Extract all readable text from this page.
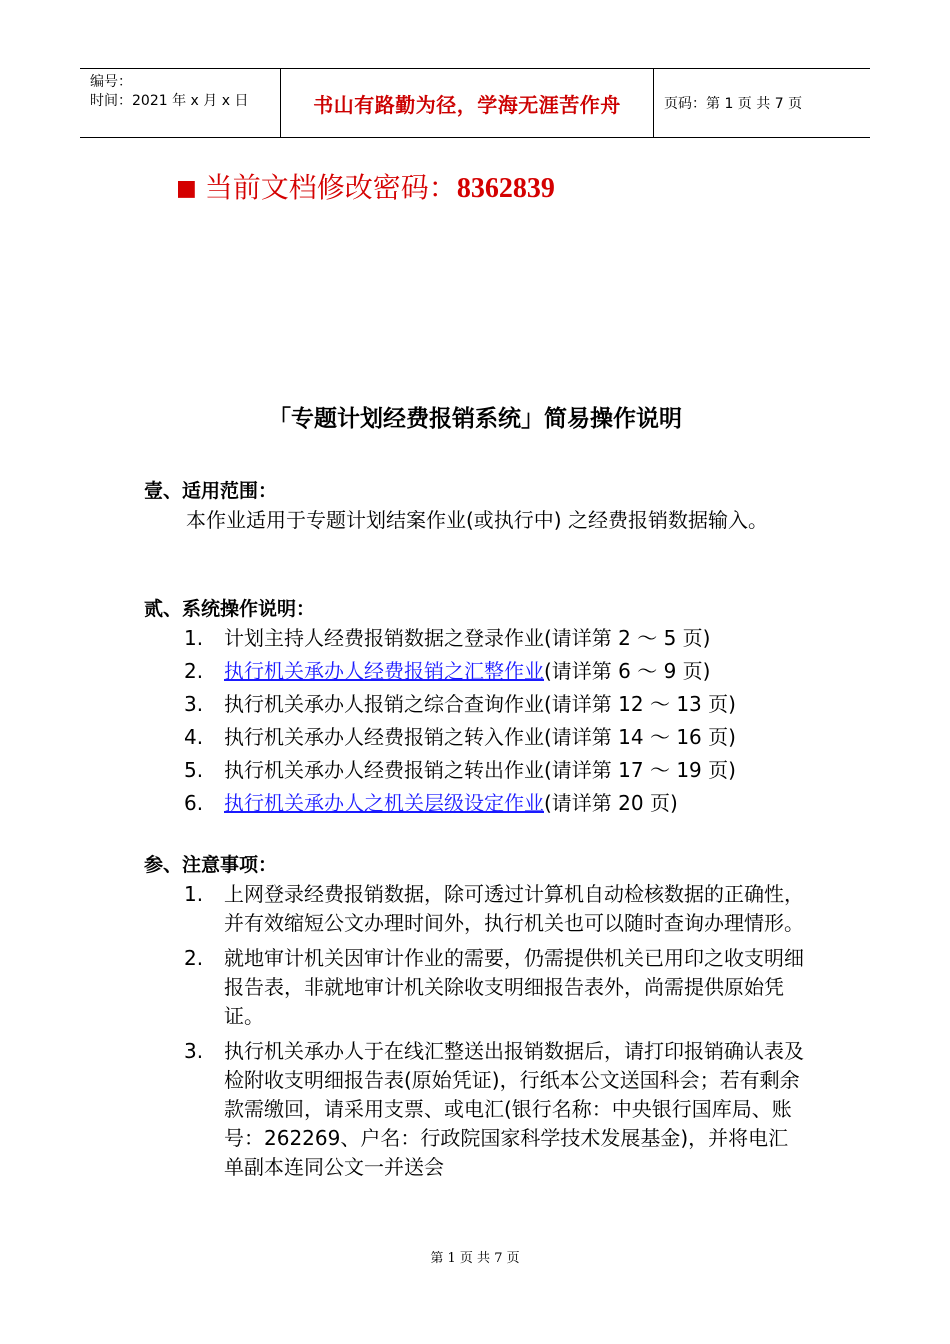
编号：
时间：2021 年 x 月 x 日	书山有路勤为径，学海无涯苦作舟	页码：第 1 页 共 7 页
■ 当前文档修改密码：8362839
「专题计划经费报销系统」简易操作说明
壹、适用范围：
本作业适用于专题计划结案作业(或执行中) 之经费报销数据输入。
贰、系统操作说明：
1.	计划主持人经费报销数据之登录作业(请详第 2 ～ 5 页)
2.	执行机关承办人经费报销之汇整作业(请详第 6 ～ 9 页)
3.	执行机关承办人报销之综合查询作业(请详第 12 ～ 13 页)
4.	执行机关承办人经费报销之转入作业(请详第 14 ～ 16 页)
5.	执行机关承办人经费报销之转出作业(请详第 17 ～ 19 页)
6.	执行机关承办人之机关层级设定作业(请详第 20 页)
参、注意事项：
1.	上网登录经费报销数据，除可透过计算机自动检核数据的正确性，并有效缩短公文办理时间外，执行机关也可以随时查询办理情形。
2.	就地审计机关因审计作业的需要，仍需提供机关已用印之收支明细报告表，非就地审计机关除收支明细报告表外，尚需提供原始凭证。
3.	执行机关承办人于在线汇整送出报销数据后，请打印报销确认表及检附收支明细报告表(原始凭证)，行纸本公文送国科会；若有剩余款需缴回，请采用支票、或电汇(银行名称：中央银行国库局、账号：262269、户名：行政院国家科学技术发展基金)，并将电汇单副本连同公文一并送会
第 1 页 共 7 页
